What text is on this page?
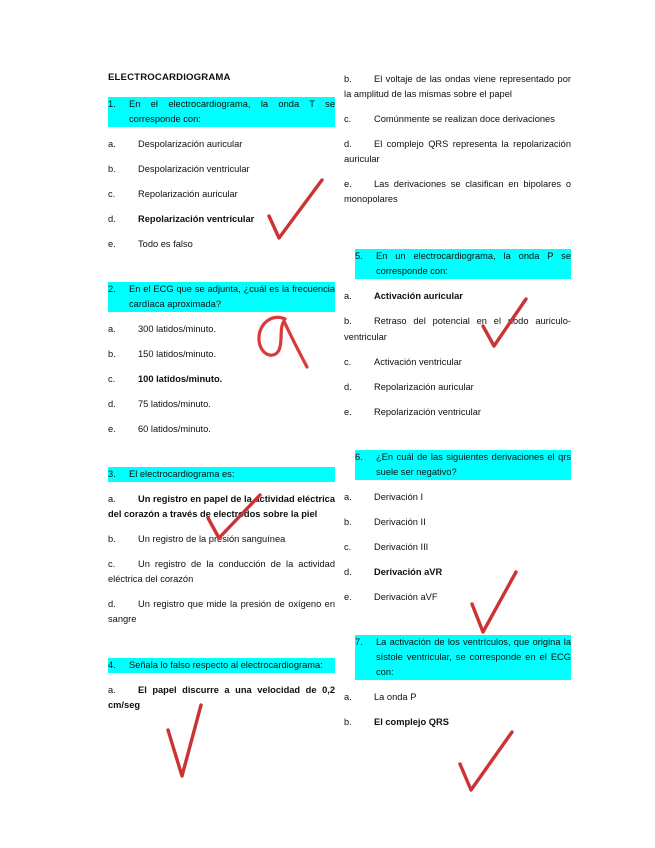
ELECTROCARDIOGRAMA
1.	En el electrocardiograma, la onda T se corresponde con:
a. Despolarización auricular
b. Despolarización ventricular
c. Repolarización auricular
d. Repolarización ventricular
e. Todo es falso
2.	En el ECG que se adjunta, ¿cuál es la frecuencia cardíaca aproximada?
a. 300 latidos/minuto.
b. 150 latidos/minuto.
c. 100 latidos/minuto.
d. 75 latidos/minuto.
e. 60 latidos/minuto.
3.	El electrocardiograma es:
a. Un registro en papel de la actividad eléctrica del corazón a través de electrodos sobre la piel
b. Un registro de la presión sanguínea
c. Un registro de la conducción de la actividad eléctrica del corazón
d. Un registro que mide la presión de oxígeno en sangre
4.	Señala lo falso respecto al electrocardiograma:
a. El papel discurre a una velocidad de 0,2 cm/seg
b. El voltaje de las ondas viene representado por la amplitud de las mismas sobre el papel
c. Comúnmente se realizan doce derivaciones
d. El complejo QRS representa la repolarización auricular
e. Las derivaciones se clasifican en bipolares o monopolares
5.	En un electrocardiograma, la onda P se corresponde con:
a. Activación auricular
b. Retraso del potencial en el nodo auriculo-ventricular
c. Activación ventricular
d. Repolarización auricular
e. Repolarización ventricular
6.	¿En cuál de las siguientes derivaciones el qrs suele ser negativo?
a. Derivación I
b. Derivación II
c. Derivación III
d. Derivación aVR
e. Derivación aVF
7.	La activación de los ventrículos, que origina la sístole ventricular, se corresponde en el ECG con:
a. La onda P
b. El complejo QRS
